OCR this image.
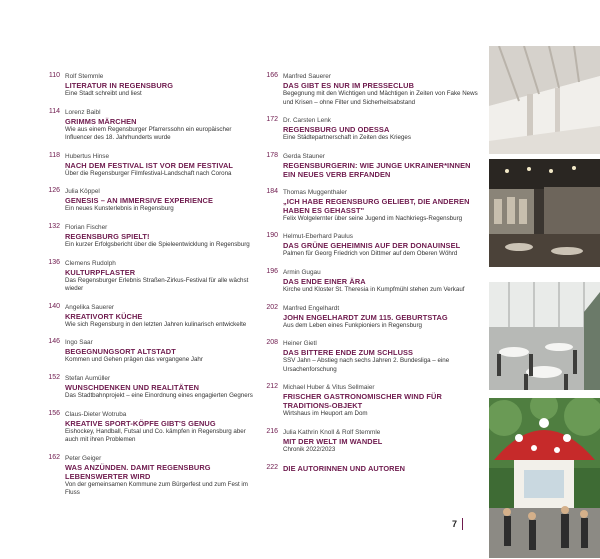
110 Rolf Stemmle
LITERATUR IN REGENSBURG
Eine Stadt schreibt und liest
114 Lorenz Baibl
GRIMMS MÄRCHEN
Wie aus einem Regensburger Pfarrerssohn ein europäischer Influencer des 18. Jahrhunderts wurde
118 Hubertus Hinse
NACH DEM FESTIVAL IST VOR DEM FESTIVAL
Über die Regensburger Filmfestival-Landschaft nach Corona
126 Julia Köppel
GENESIS – AN IMMERSIVE EXPERIENCE
Ein neues Kunsterlebnis in Regensburg
132 Florian Fischer
REGENSBURG SPIELT!
Ein kurzer Erfolgsbericht über die Spieleentwicklung in Regensburg
136 Clemens Rudolph
KULTURPFLASTER
Das Regensburger Erlebnis Straßen-Zirkus-Festival für alle wächst wieder
140 Angelika Sauerer
KREATIVORT KÜCHE
Wie sich Regensburg in den letzten Jahren kulinarisch entwickelte
146 Ingo Saar
BEGEGNUNGSORT ALTSTADT
Kommen und Gehen prägen das vergangene Jahr
152 Stefan Aumüller
WUNSCHDENKEN UND REALITÄTEN
Das Stadtbahnprojekt – eine Einordnung eines engagierten Gegners
156 Claus-Dieter Wotruba
KREATIVE SPORT-KÖPFE GIBT'S GENUG
Eishockey, Handball, Futsal und Co. kämpfen in Regensburg aber auch mit ihren Problemen
162 Peter Geiger
WAS ANZÜNDEN. DAMIT REGENSBURG LEBENSWERTER WIRD
Von der gemeinsamen Kommune zum Bürgerfest und zum Fest im Fluss
166 Manfred Sauerer
DAS GIBT ES NUR IM PRESSECLUB
Begegnung mit den Wichtigen und Mächtigen in Zeiten von Fake News und Krisen – ohne Filter und Sicherheitsabstand
172 Dr. Carsten Lenk
REGENSBURG UND ODESSA
Eine Städtepartnerschaft in Zeiten des Krieges
178 Gerda Stauner
REGENSBURGERIN: WIE JUNGE UKRAINER*INNEN EIN NEUES VERB ERFANDEN
184 Thomas Muggenthaler
„ICH HABE REGENSBURG GELIEBT, DIE ANDEREN HABEN ES GEHASST"
Felix Wolgelernter über seine Jugend im Nachkriegs-Regensburg
190 Helmut-Eberhard Paulus
DAS GRÜNE GEHEIMNIS AUF DER DONAUINSEL
Palmen für Georg Friedrich von Dittmer auf dem Oberen Wöhrd
196 Armin Gugau
DAS ENDE EINER ÄRA
Kirche und Kloster St. Theresia in Kumpfmühl stehen zum Verkauf
202 Manfred Engelhardt
JOHN ENGELHARDT ZUM 115. GEBURTSTAG
Aus dem Leben eines Funkpioniers in Regensburg
208 Heiner Gietl
DAS BITTERE ENDE ZUM SCHLUSS
SSV Jahn – Abstieg nach sechs Jahren 2. Bundesliga – eine Ursachenforschung
212 Michael Huber & Vitus Sellmaier
FRISCHER GASTRONOMISCHER WIND FÜR TRADITIONS-OBJEKT
Wirtshaus im Heuport am Dom
216 Julia Kathrin Knoll & Rolf Stemmle
MIT DER WELT IM WANDEL
Chronik 2022/2023
222 DIE AUTORINNEN UND AUTOREN
7
